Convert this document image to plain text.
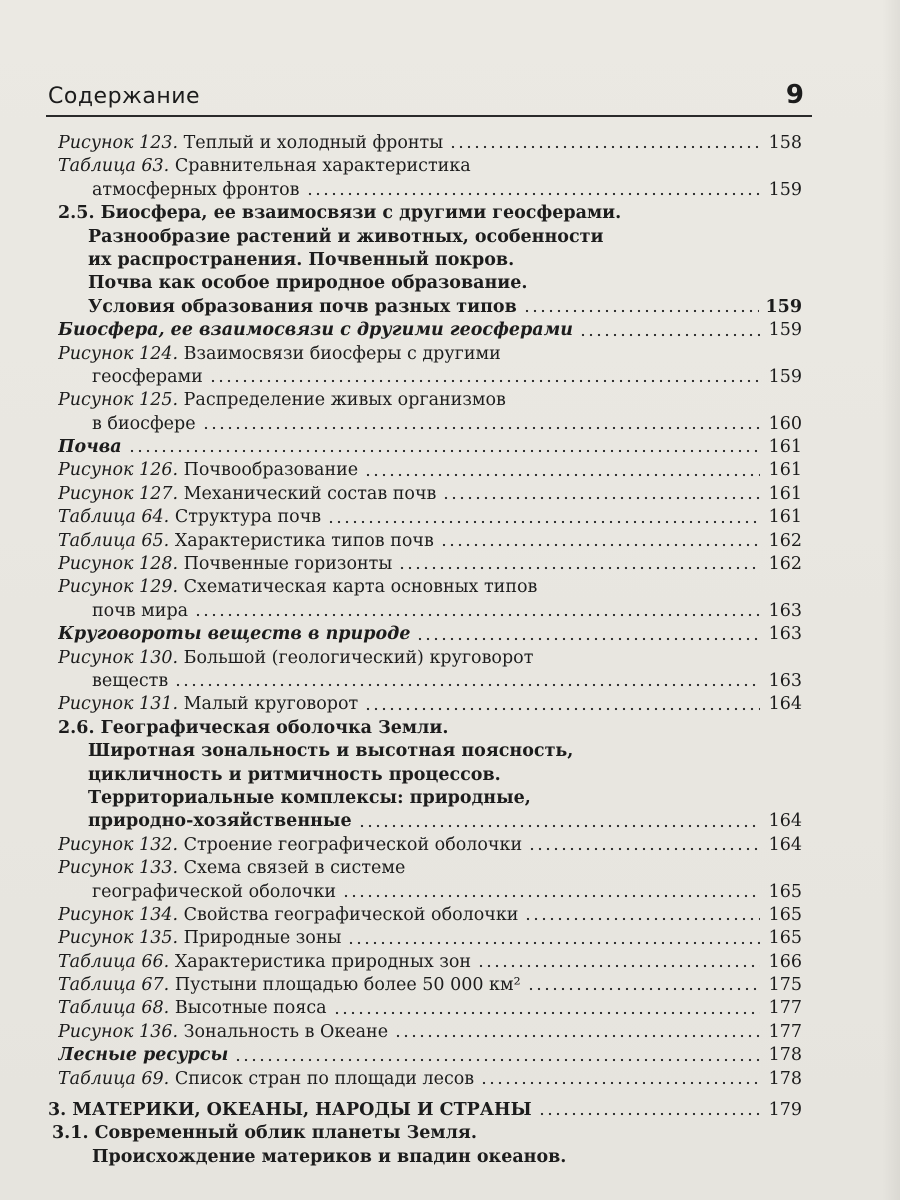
Содержание	9
Рисунок 123. Теплый и холодный фронты	158
Таблица 63. Сравнительная характеристика
атмосферных фронтов	159
2.5. Биосфера, ее взаимосвязи с другими геосферами.
Разнообразие растений и животных, особенности
их распространения. Почвенный покров.
Почва как особое природное образование.
Условия образования почв разных типов	159
Биосфера, ее взаимосвязи с другими геосферами	159
Рисунок 124. Взаимосвязи биосферы с другими
геосферами	159
Рисунок 125. Распределение живых организмов
в биосфере	160
Почва	161
Рисунок 126. Почвообразование	161
Рисунок 127. Механический состав почв	161
Таблица 64. Структура почв	161
Таблица 65. Характеристика типов почв	162
Рисунок 128. Почвенные горизонты	162
Рисунок 129. Схематическая карта основных типов
почв мира	163
Круговороты веществ в природе	163
Рисунок 130. Большой (геологический) круговорот
веществ	163
Рисунок 131. Малый круговорот	164
2.6. Географическая оболочка Земли.
Широтная зональность и высотная поясность,
цикличность и ритмичность процессов.
Территориальные комплексы: природные,
природно-хозяйственные	164
Рисунок 132. Строение географической оболочки	164
Рисунок 133. Схема связей в системе
географической оболочки	165
Рисунок 134. Свойства географической оболочки	165
Рисунок 135. Природные зоны	165
Таблица 66. Характеристика природных зон	166
Таблица 67. Пустыни площадью более 50 000 км²	175
Таблица 68. Высотные пояса	177
Рисунок 136. Зональность в Океане	177
Лесные ресурсы	178
Таблица 69. Список стран по площади лесов	178
3. МАТЕРИКИ, ОКЕАНЫ, НАРОДЫ И СТРАНЫ	179
3.1. Современный облик планеты Земля.
Происхождение материков и впадин океанов.
